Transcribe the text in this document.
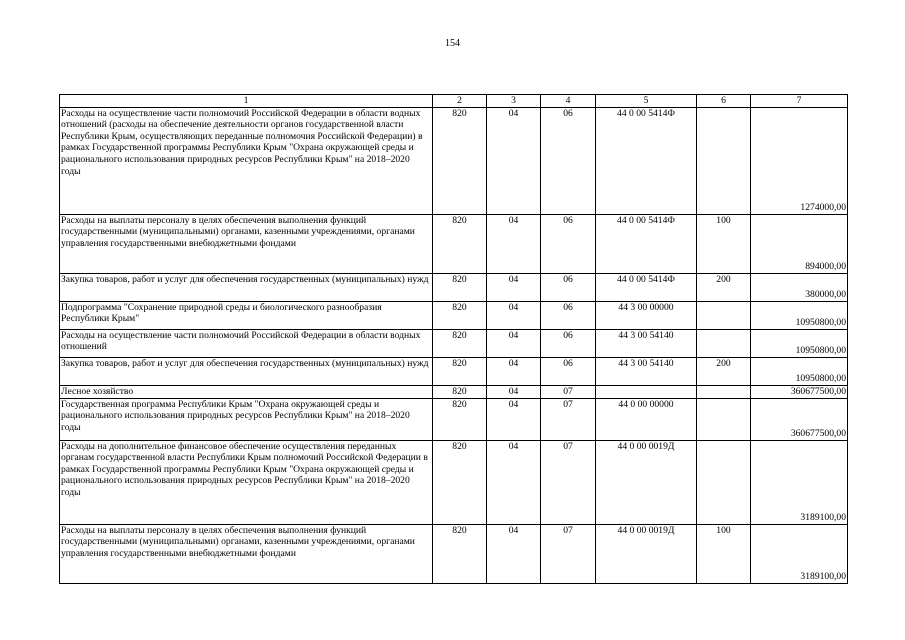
154
1	2	3	4	5	6	7
Расходы на осуществление части полномочий Российской Федерации в области водных отношений (расходы на обеспечение деятельности органов государственной власти Республики Крым, осуществляющих переданные полномочия Российской Федерации) в рамках Государственной программы Республики Крым "Охрана окружающей среды и рационального использования природных ресурсов Республики Крым" на 2018–2020 годы	820	04	06	44 0 00 5414Ф		1274000,00
Расходы на выплаты персоналу в целях обеспечения выполнения функций государственными (муниципальными) органами, казенными учреждениями, органами управления государственными внебюджетными фондами	820	04	06	44 0 00 5414Ф	100	894000,00
Закупка товаров, работ и услуг для обеспечения государственных (муниципальных) нужд	820	04	06	44 0 00 5414Ф	200	380000,00
Подпрограмма "Сохранение природной среды и биологического разнообразия Республики Крым"	820	04	06	44 3 00 00000		10950800,00
Расходы на осуществление части полномочий Российской Федерации в области водных отношений	820	04	06	44 3 00 54140		10950800,00
Закупка товаров, работ и услуг для обеспечения государственных (муниципальных) нужд	820	04	06	44 3 00 54140	200	10950800,00
Лесное хозяйство	820	04	07			360677500,00
Государственная программа Республики Крым "Охрана окружающей среды и рационального использования природных ресурсов Республики Крым" на 2018–2020 годы	820	04	07	44 0 00 00000		360677500,00
Расходы на дополнительное финансовое обеспечение осуществления переданных органам государственной власти Республики Крым полномочий Российской Федерации в рамках Государственной программы Республики Крым "Охрана окружающей среды и рационального использования природных ресурсов Республики Крым" на 2018–2020 годы	820	04	07	44 0 00 0019Д		3189100,00
Расходы на выплаты персоналу в целях обеспечения выполнения функций государственными (муниципальными) органами, казенными учреждениями, органами управления государственными внебюджетными фондами	820	04	07	44 0 00 0019Д	100	3189100,00
